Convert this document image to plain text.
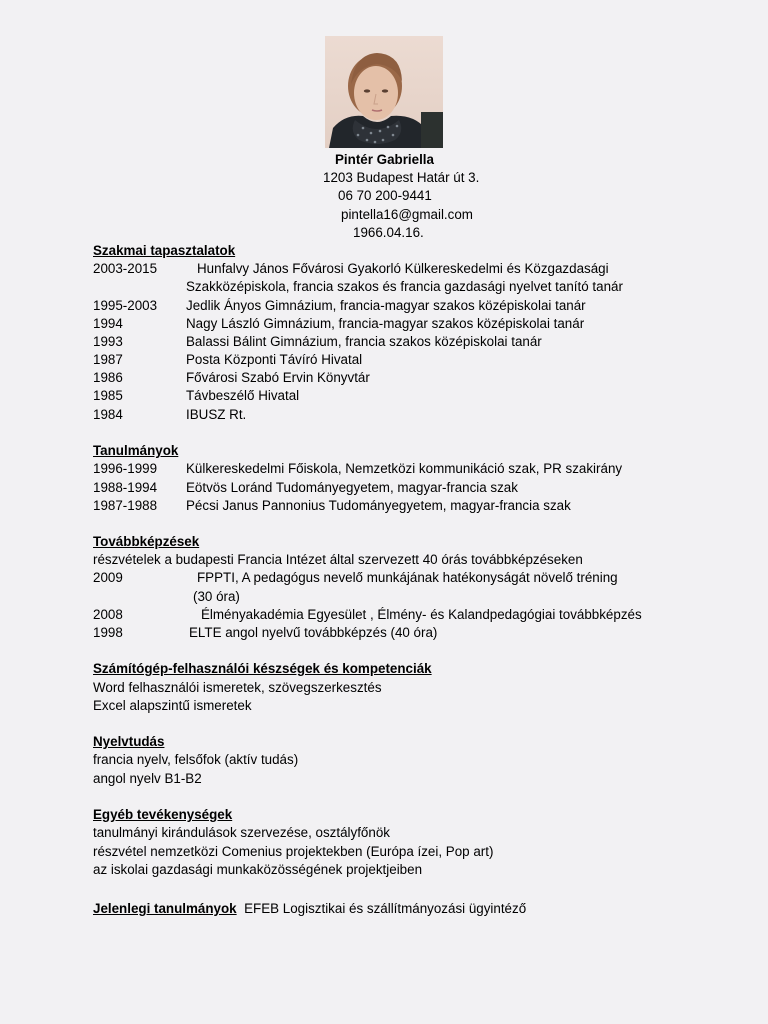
Pintér Gabriella
1203 Budapest Határ út 3.
06 70 200-9441
pintella16@gmail.com
1966.04.16.
Szakmai tapasztalatok
2003-2015	Hunfalvy János Fővárosi Gyakorló Külkereskedelmi és Közgazdasági
Szakközépiskola, francia szakos és francia gazdasági nyelvet tanító tanár
1995-2003 Jedlik Ányos Gimnázium, francia-magyar szakos középiskolai tanár
1994	Nagy László Gimnázium, francia-magyar szakos középiskolai tanár
1993	Balassi Bálint Gimnázium, francia szakos középiskolai tanár
1987	Posta Központi Távíró Hivatal
1986	Fővárosi Szabó Ervin Könyvtár
1985	Távbeszélő Hivatal
1984	IBUSZ Rt.
Tanulmányok
1996-1999 Külkereskedelmi Főiskola, Nemzetközi kommunikáció szak, PR szakirány
1988-1994 Eötvös Loránd Tudományegyetem, magyar-francia szak
1987-1988 Pécsi Janus Pannonius Tudományegyetem, magyar-francia szak
Továbbképzések
részvételek a budapesti Francia Intézet által szervezett 40 órás továbbképzéseken
2009	FPPTI, A pedagógus nevelő munkájának hatékonyságát növelő tréning
(30 óra)
2008	Élményakadémia Egyesület , Élmény- és Kalandpedagógiai továbbképzés
1998	ELTE angol nyelvű továbbképzés (40 óra)
Számítógép-felhasználói készségek és kompetenciák
Word felhasználói ismeretek, szövegszerkesztés
Excel alapszintű ismeretek
Nyelvtudás
francia nyelv, felsőfok (aktív tudás)
angol nyelv B1-B2
Egyéb tevékenységek
tanulmányi kirándulások szervezése, osztályfőnök
részvétel nemzetközi Comenius projektekben (Európa ízei, Pop art)
az iskolai gazdasági munkaközösségének projektjeiben
Jelenlegi tanulmányok EFEB Logisztikai és szállítmányozási ügyintéző
